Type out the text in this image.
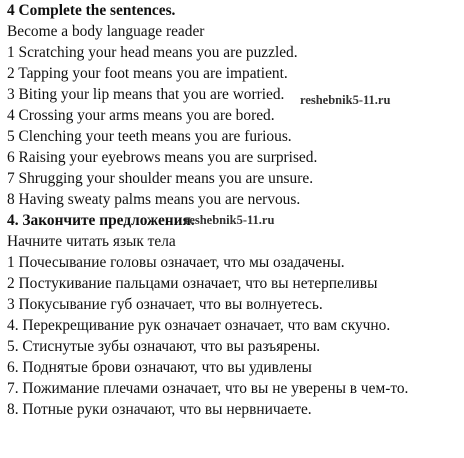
4 Complete the sentences.

Become a body language reader

1 Scratching your head means you are puzzled.

2 Tapping your foot means you are impatient.

3 Biting your lip means that you are worried.

4 Crossing your arms means you are bored.

5 Clenching your teeth means you are furious.

6 Raising your eyebrows means you are surprised.

7 Shrugging your shoulder means you are unsure.

8 Having sweaty palms means you are nervous.

4. Закончите предложения.

Начните читать язык тела

1 Почесывание головы означает, что мы озадачены.

2 Постукивание пальцами означает, что вы нетерпеливы

3 Покусывание губ означает, что вы волнуетесь.

4. Перекрещивание рук означает означает, что вам скучно.

5. Стиснутые зубы означают, что вы разъярены.

6. Поднятые брови означают, что вы удивлены

7. Пожимание плечами означает, что вы не уверены в чем-то.

8. Потные руки означают, что вы нервничаете.

reshebnik5-11.ru
reshebnik5-11.ru
